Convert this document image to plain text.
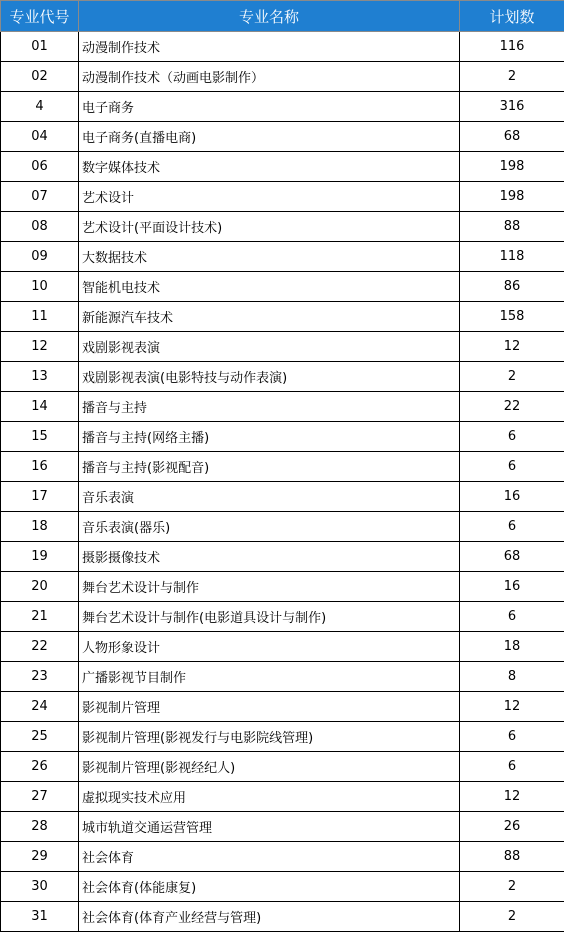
专业代号	专业名称	计划数
01	动漫制作技术	116
02	动漫制作技术（动画电影制作）	2
4	电子商务	316
04	电子商务(直播电商)	68
06	数字媒体技术	198
07	艺术设计	198
08	艺术设计(平面设计技术)	88
09	大数据技术	118
10	智能机电技术	86
11	新能源汽车技术	158
12	戏剧影视表演	12
13	戏剧影视表演(电影特技与动作表演)	2
14	播音与主持	22
15	播音与主持(网络主播)	6
16	播音与主持(影视配音)	6
17	音乐表演	16
18	音乐表演(器乐)	6
19	摄影摄像技术	68
20	舞台艺术设计与制作	16
21	舞台艺术设计与制作(电影道具设计与制作)	6
22	人物形象设计	18
23	广播影视节目制作	8
24	影视制片管理	12
25	影视制片管理(影视发行与电影院线管理)	6
26	影视制片管理(影视经纪人)	6
27	虚拟现实技术应用	12
28	城市轨道交通运营管理	26
29	社会体育	88
30	社会体育(体能康复)	2
31	社会体育(体育产业经营与管理)	2
